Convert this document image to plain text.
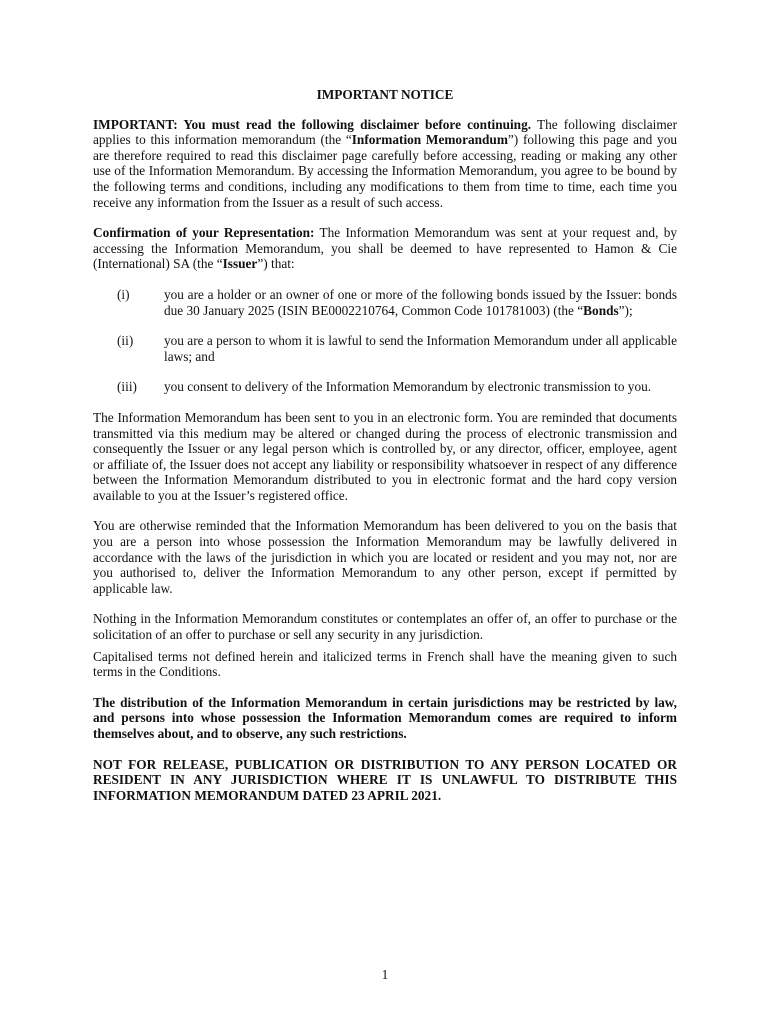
IMPORTANT NOTICE

IMPORTANT: You must read the following disclaimer before continuing. The following disclaimer applies to this information memorandum (the “Information Memorandum”) following this page and you are therefore required to read this disclaimer page carefully before accessing, reading or making any other use of the Information Memorandum. By accessing the Information Memorandum, you agree to be bound by the following terms and conditions, including any modifications to them from time to time, each time you receive any information from the Issuer as a result of such access.

Confirmation of your Representation: The Information Memorandum was sent at your request and, by accessing the Information Memorandum, you shall be deemed to have represented to Hamon & Cie (International) SA (the “Issuer”) that:

(i)	you are a holder or an owner of one or more of the following bonds issued by the Issuer: bonds due 30 January 2025 (ISIN BE0002210764, Common Code 101781003) (the “Bonds”);
(ii)	you are a person to whom it is lawful to send the Information Memorandum under all applicable laws; and
(iii)	you consent to delivery of the Information Memorandum by electronic transmission to you.

The Information Memorandum has been sent to you in an electronic form. You are reminded that documents transmitted via this medium may be altered or changed during the process of electronic transmission and consequently the Issuer or any legal person which is controlled by, or any director, officer, employee, agent or affiliate of, the Issuer does not accept any liability or responsibility whatsoever in respect of any difference between the Information Memorandum distributed to you in electronic format and the hard copy version available to you at the Issuer’s registered office.

You are otherwise reminded that the Information Memorandum has been delivered to you on the basis that you are a person into whose possession the Information Memorandum may be lawfully delivered in accordance with the laws of the jurisdiction in which you are located or resident and you may not, nor are you authorised to, deliver the Information Memorandum to any other person, except if permitted by applicable law.

Nothing in the Information Memorandum constitutes or contemplates an offer of, an offer to purchase or the solicitation of an offer to purchase or sell any security in any jurisdiction.

Capitalised terms not defined herein and italicized terms in French shall have the meaning given to such terms in the Conditions.

The distribution of the Information Memorandum in certain jurisdictions may be restricted by law, and persons into whose possession the Information Memorandum comes are required to inform themselves about, and to observe, any such restrictions.

NOT FOR RELEASE, PUBLICATION OR DISTRIBUTION TO ANY PERSON LOCATED OR RESIDENT IN ANY JURISDICTION WHERE IT IS UNLAWFUL TO DISTRIBUTE THIS INFORMATION MEMORANDUM DATED 23 APRIL 2021.

1
